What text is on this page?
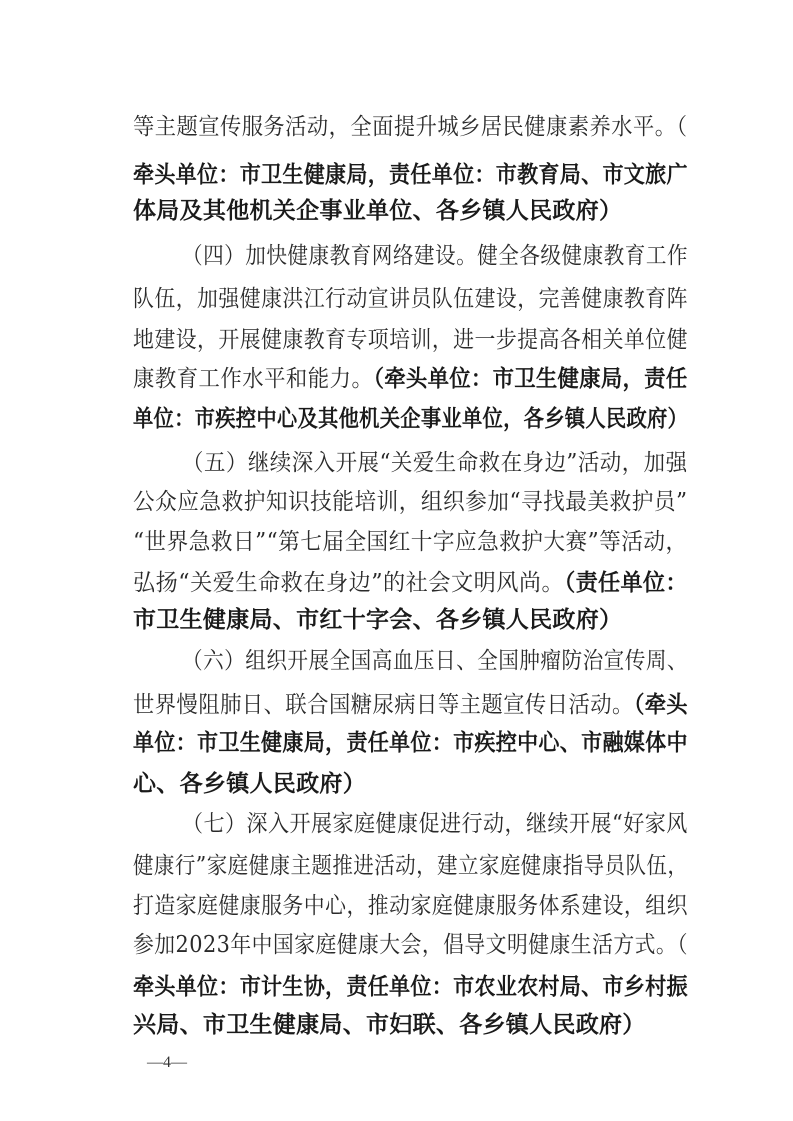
等主题宣传服务活动，全面提升城乡居民健康素养水平。（
牵头单位：市卫生健康局，责任单位：市教育局、市文旅广
体局及其他机关企事业单位、各乡镇人民政府）
（四）加快健康教育网络建设。健全各级健康教育工作
队伍，加强健康洪江行动宣讲员队伍建设，完善健康教育阵
地建设，开展健康教育专项培训，进一步提高各相关单位健
康教育工作水平和能力。（牵头单位：市卫生健康局，责任
单位：市疾控中心及其他机关企事业单位，各乡镇人民政府）
（五）继续深入开展“关爱生命救在身边”活动，加强
公众应急救护知识技能培训，组织参加“寻找最美救护员”
“世界急救日”“第七届全国红十字应急救护大赛”等活动，
弘扬“关爱生命救在身边”的社会文明风尚。（责任单位：
市卫生健康局、市红十字会、各乡镇人民政府）
（六）组织开展全国高血压日、全国肿瘤防治宣传周、
世界慢阻肺日、联合国糖尿病日等主题宣传日活动。（牵头
单位：市卫生健康局，责任单位：市疾控中心、市融媒体中
心、各乡镇人民政府）
（七）深入开展家庭健康促进行动，继续开展“好家风
健康行”家庭健康主题推进活动，建立家庭健康指导员队伍，
打造家庭健康服务中心，推动家庭健康服务体系建设，组织
参加2023年中国家庭健康大会，倡导文明健康生活方式。（
牵头单位：市计生协，责任单位：市农业农村局、市乡村振
兴局、市卫生健康局、市妇联、各乡镇人民政府）
—4—
